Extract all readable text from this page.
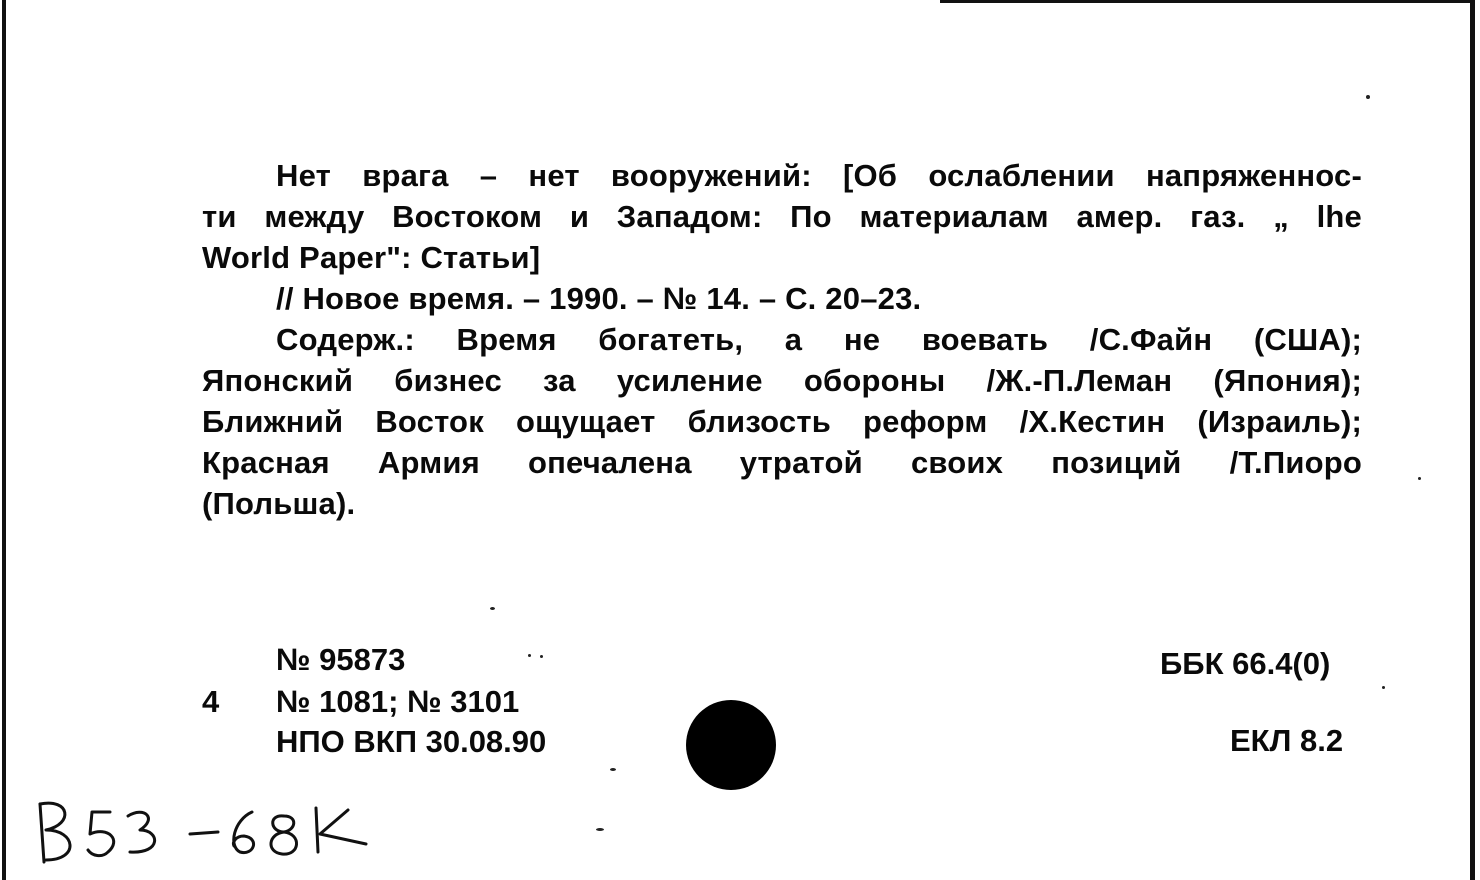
Нет врага – нет вооружений: [Об ослаблении напряженнос-
ти между Востоком и Западом: По материалам амер. газ. „ lhe
World Paper": Статьи]
// Новое время. – 1990. – № 14. – С. 20–23.
Содерж.: Время богатеть, а не воевать /С.Файн (США);
Японский бизнес за усиление обороны /Ж.-П.Леман (Япония);
Ближний Восток ощущает близость реформ /Х.Кестин (Израиль);
Красная Армия опечалена утратой своих позиций /Т.Пиоро
(Польша).
№ 95873
4 № 1081; № 3101
НПО ВКП 30.08.90
ББК 66.4(0)
ЕКЛ 8.2
